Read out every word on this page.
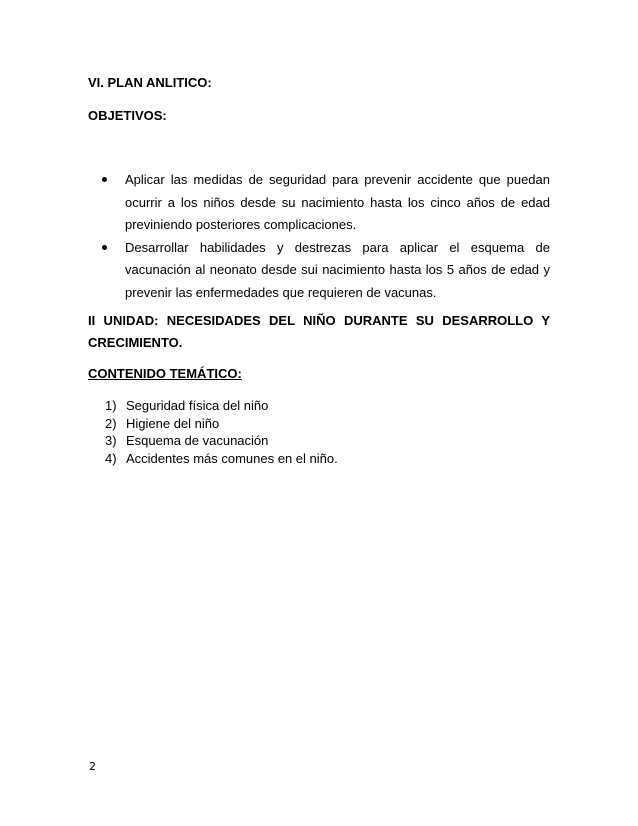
VI. PLAN ANLITICO:

OBJETIVOS:

Aplicar las medidas de seguridad para prevenir accidente que puedan ocurrir a los niños desde su nacimiento hasta los cinco años de edad previniendo posteriores complicaciones.
Desarrollar habilidades y destrezas para aplicar el esquema de vacunación al neonato desde sui nacimiento hasta los 5 años de edad y prevenir las enfermedades que requieren de vacunas.

II UNIDAD: NECESIDADES DEL NIÑO DURANTE SU DESARROLLO Y CRECIMIENTO.

CONTENIDO TEMÁTICO:

1) Seguridad física del niño
2) Higiene del niño
3) Esquema de vacunación
4) Accidentes más comunes en el niño.
2
